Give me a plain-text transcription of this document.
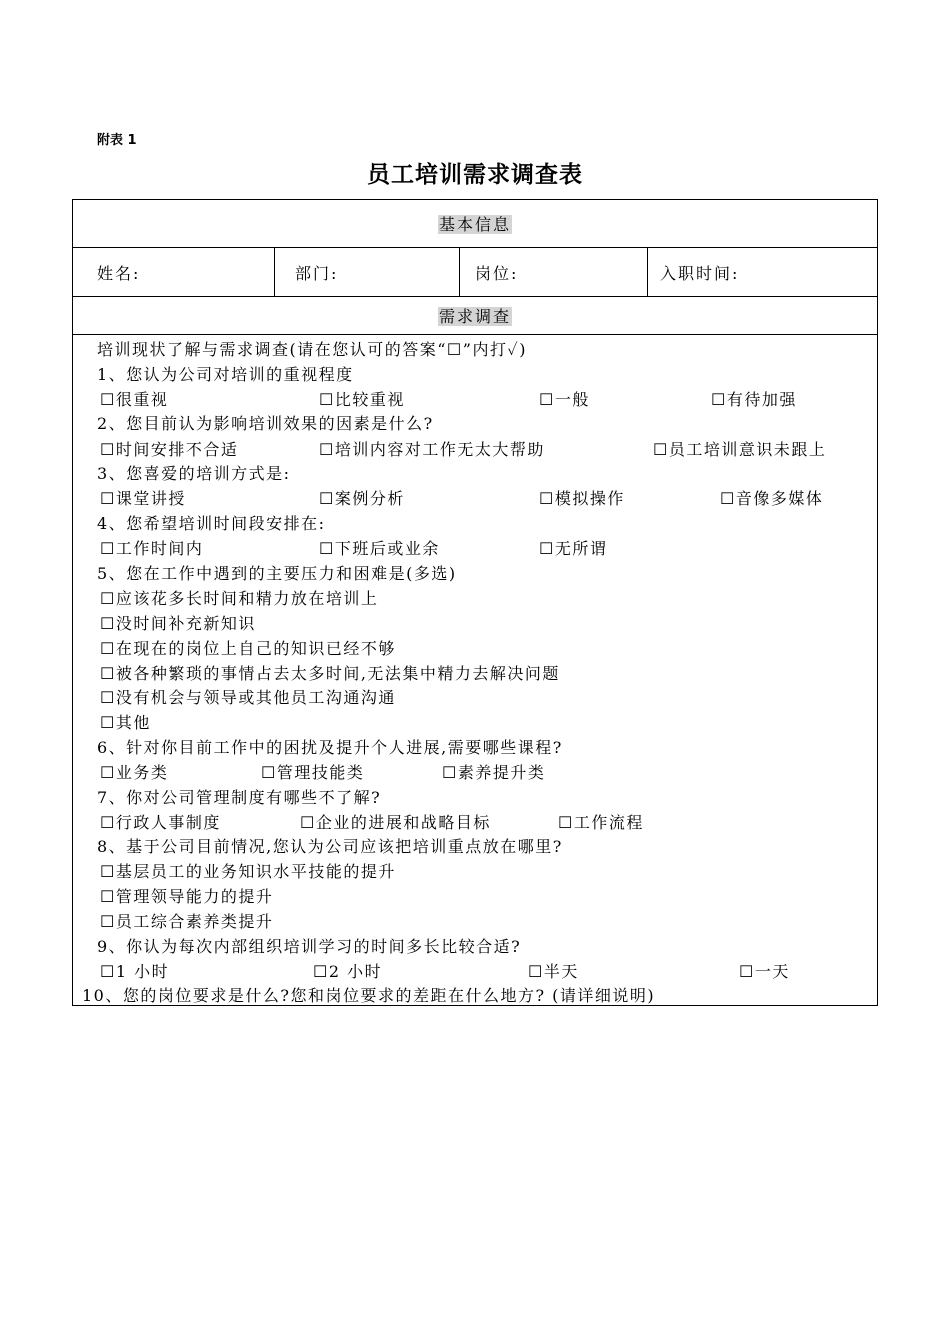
附表 1
员工培训需求调查表
基本信息
姓名:	部门:	岗位:	入职时间:
需求调查
培训现状了解与需求调查(请在您认可的答案“☐”内打✓)
1、您认为公司对培训的重视程度
☐很重视	☐比较重视	☐一般	☐有待加强
2、您目前认为影响培训效果的因素是什么?
☐时间安排不合适	☐培训内容对工作无太大帮助	☐员工培训意识未跟上
3、您喜爱的培训方式是:
☐课堂讲授	☐案例分析	☐模拟操作	☐音像多媒体
4、您希望培训时间段安排在:
☐工作时间内	☐下班后或业余	☐无所谓
5、您在工作中遇到的主要压力和困难是(多选)
☐应该花多长时间和精力放在培训上
☐没时间补充新知识
☐在现在的岗位上自己的知识已经不够
☐被各种繁琐的事情占去太多时间,无法集中精力去解决问题
☐没有机会与领导或其他员工沟通沟通
☐其他
6、针对你目前工作中的困扰及提升个人进展,需要哪些课程?
☐业务类	☐管理技能类	☐素养提升类
7、你对公司管理制度有哪些不了解?
☐行政人事制度	☐企业的进展和战略目标	☐工作流程
8、基于公司目前情况,您认为公司应该把培训重点放在哪里?
☐基层员工的业务知识水平技能的提升
☐管理领导能力的提升
☐员工综合素养类提升
9、你认为每次内部组织培训学习的时间多长比较合适?
☐1 小时	☐2 小时	☐半天	☐一天
10、您的岗位要求是什么?您和岗位要求的差距在什么地方? (请详细说明)
